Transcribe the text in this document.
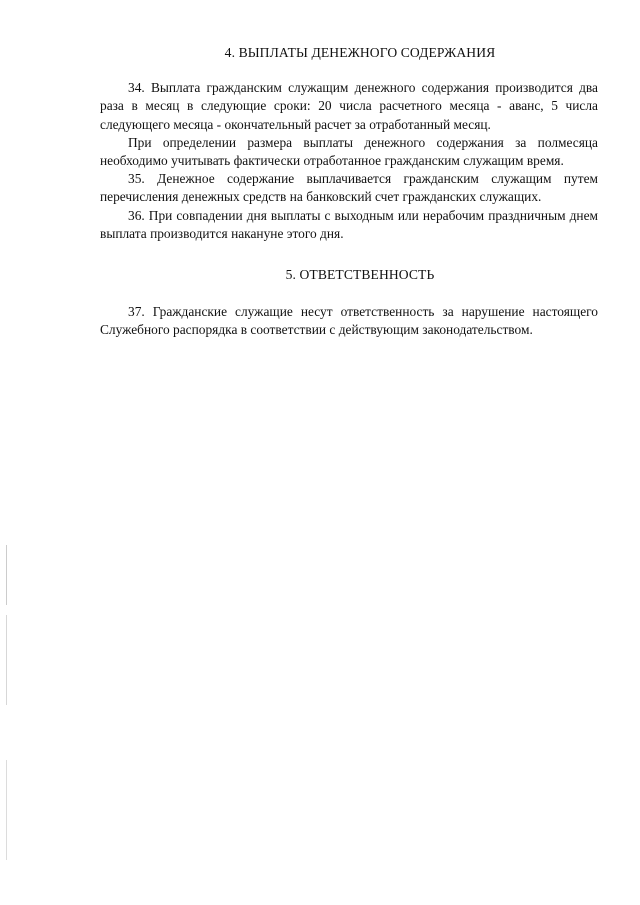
4. ВЫПЛАТЫ ДЕНЕЖНОГО СОДЕРЖАНИЯ

34. Выплата гражданским служащим денежного содержания производится два раза в месяц в следующие сроки: 20 числа расчетного месяца - аванс, 5 числа следующего месяца - окончательный расчет за отработанный месяц.

При определении размера выплаты денежного содержания за полмесяца необходимо учитывать фактически отработанное гражданским служащим время.

35. Денежное содержание выплачивается гражданским служащим путем перечисления денежных средств на банковский счет гражданских служащих.

36. При совпадении дня выплаты с выходным или нерабочим праздничным днем выплата производится накануне этого дня.

5. ОТВЕТСТВЕННОСТЬ

37. Гражданские служащие несут ответственность за нарушение настоящего Служебного распорядка в соответствии с действующим законодательством.
